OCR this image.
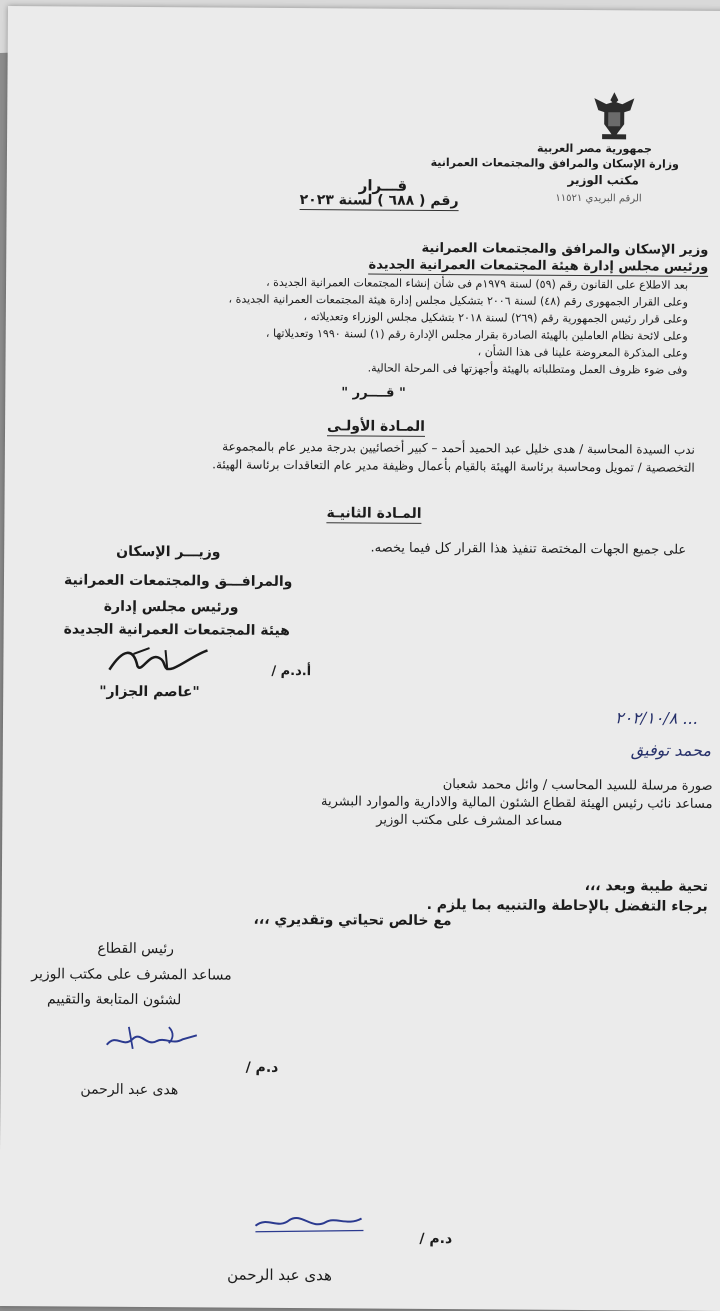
جمهورية مصر العربية
وزارة الإسكان والمرافق والمجتمعات العمرانية
مكتب الوزير
الرقم البريدي ١١٥٢١
قـــرار
رقم ( ٦٨٨ ) لسنة ٢٠٢٣
وزير الإسكان والمرافق والمجتمعات العمرانية
ورئيس مجلس إدارة هيئة المجتمعات العمرانية الجديدة
بعد الاطلاع على القانون رقم (٥٩) لسنة ١٩٧٩م فى شأن إنشاء المجتمعات العمرانية الجديدة ،
وعلى القرار الجمهورى رقم (٤٨) لسنة ٢٠٠٦ بتشكيل مجلس إدارة هيئة المجتمعات العمرانية الجديدة ،
وعلى قرار رئيس الجمهورية رقم (٢٦٩) لسنة ٢٠١٨ بتشكيل مجلس الوزراء وتعديلاته ،
وعلى لائحة نظام العاملين بالهيئة الصادرة بقرار مجلس الإدارة رقم (١) لسنة ١٩٩٠ وتعديلاتها ،
وعلى المذكرة المعروضة علينا فى هذا الشأن ،
وفى ضوء ظروف العمل ومتطلباته بالهيئة وأجهزتها فى المرحلة الحالية.
" قــــرر "
المـادة الأولـى
ندب السيدة المحاسبة / هدى خليل عبد الحميد أحمد – كبير أخصائيين بدرجة مدير عام بالمجموعة
التخصصية / تمويل ومحاسبة برئاسة الهيئة بالقيام بأعمال وظيفة مدير عام التعاقدات برئاسة الهيئة.
المـادة الثانيـة
على جميع الجهات المختصة تنفيذ هذا القرار كل فيما يخصه.
وزيـــر الإسكان
والمرافـــق والمجتمعات العمرانية
ورئيس مجلس إدارة
هيئة المجتمعات العمرانية الجديدة
أ.د.م /
"عاصم الجزار"
٢٠٢/١٠/٨ ...
محمد توفيق
صورة مرسلة للسيد المحاسب / وائل محمد شعبان
مساعد نائب رئيس الهيئة لقطاع الشئون المالية والادارية والموارد البشرية
مساعد المشرف على مكتب الوزير
تحية طيبة وبعد ،،،
برجاء التفضل بالإحاطة والتنبيه بما يلزم .
مع خالص تحياتي وتقديري ،،،
رئيس القطاع
مساعد المشرف على مكتب الوزير
لشئون المتابعة والتقييم
د.م /
هدى عبد الرحمن
د.م /
هدى عبد الرحمن
